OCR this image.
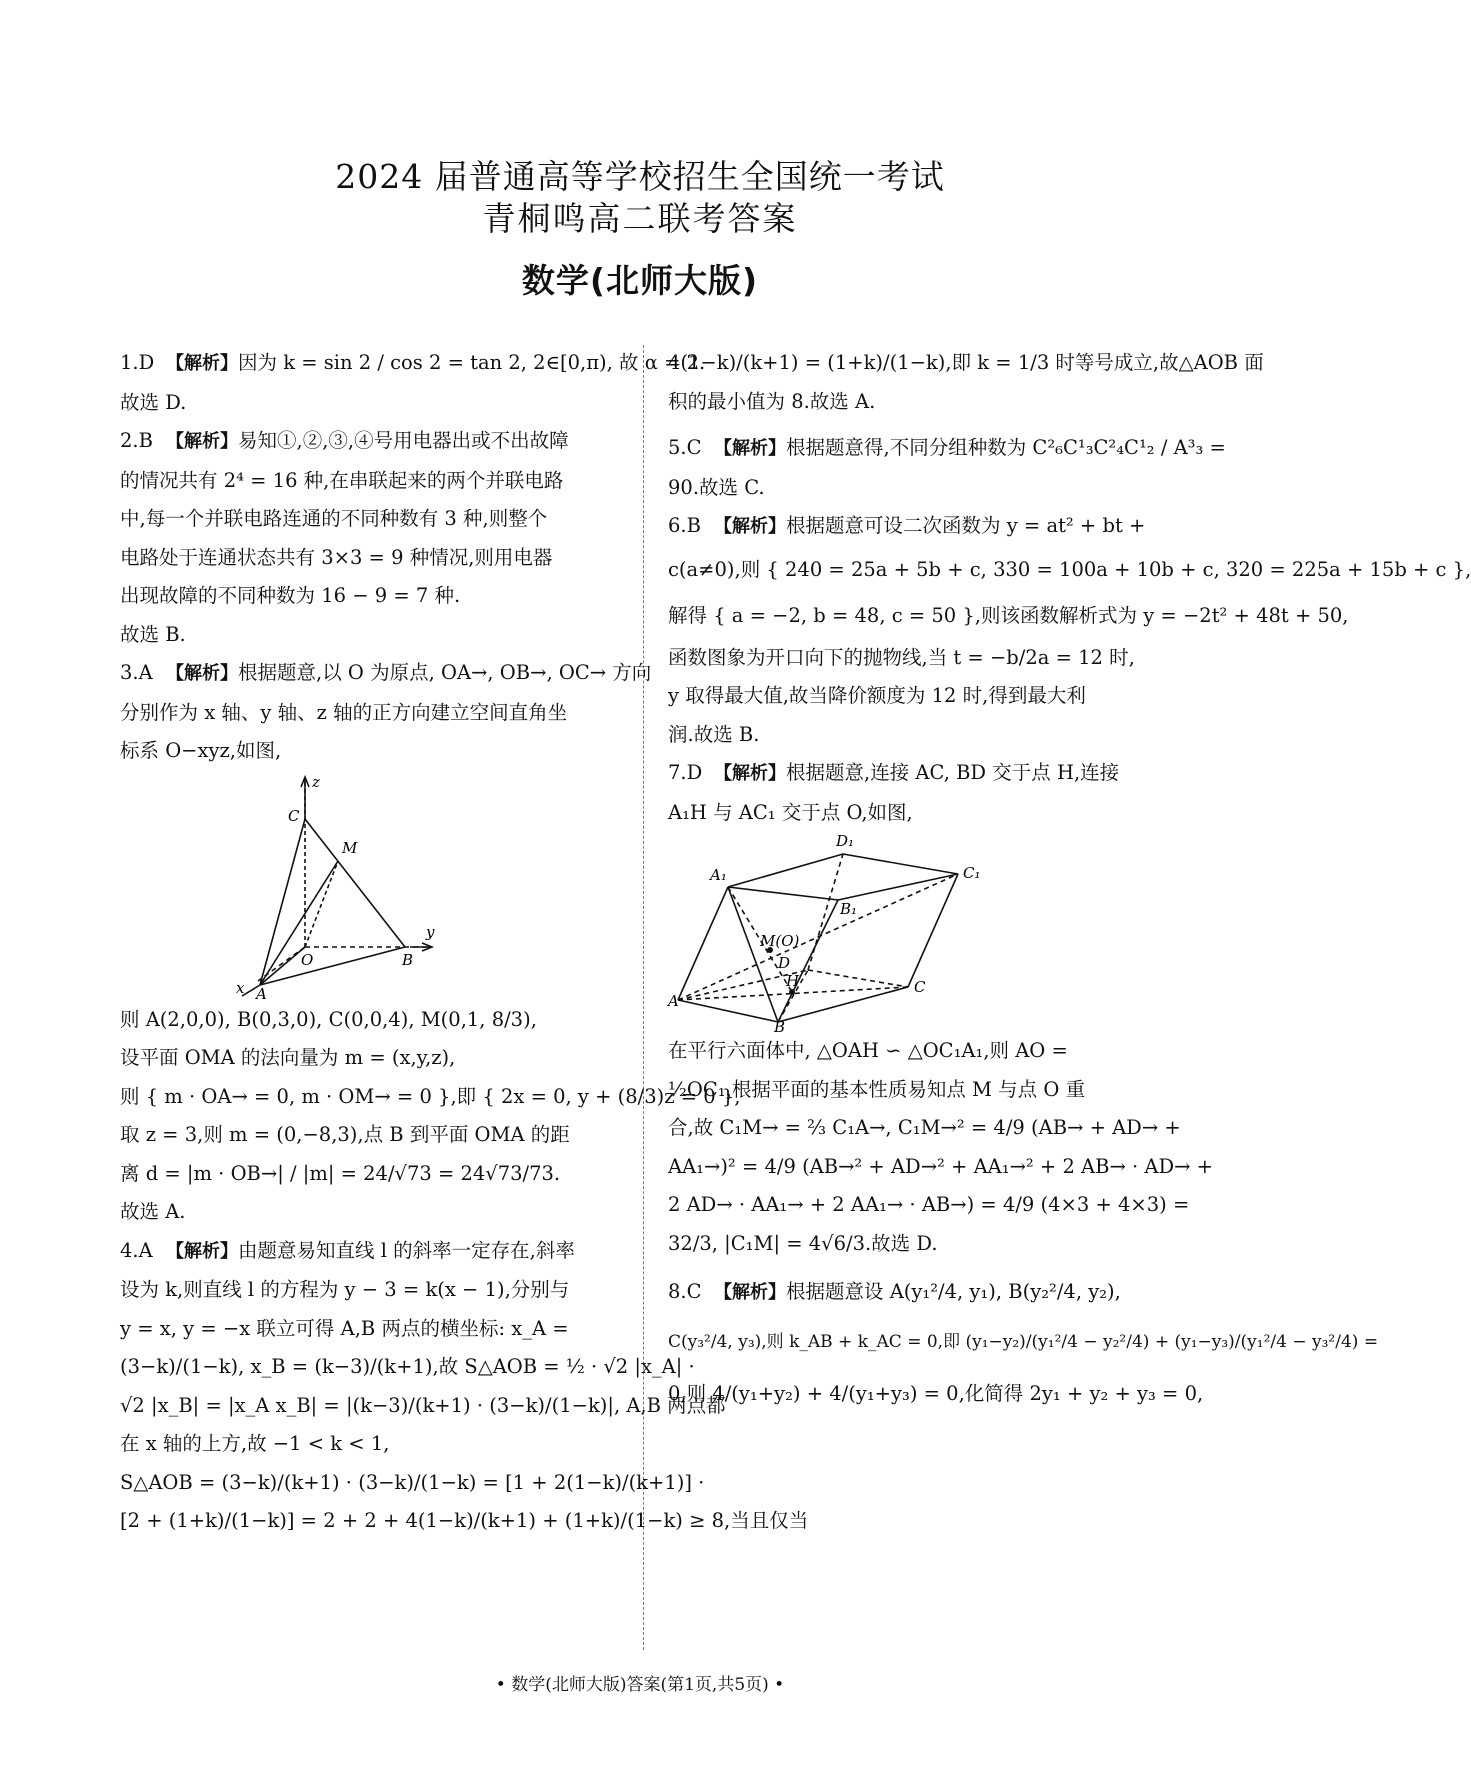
2024 届普通高等学校招生全国统一考试
青桐鸣高二联考答案
数学(北师大版)
1.D 【解析】因为 k = sin 2 / cos 2 = tan 2, 2∈[0,π), 故 α = 2.
故选 D.
2.B 【解析】易知①,②,③,④号用电器出或不出故障
的情况共有 2⁴ = 16 种,在串联起来的两个并联电路
中,每一个并联电路连通的不同种数有 3 种,则整个
电路处于连通状态共有 3×3 = 9 种情况,则用电器
出现故障的不同种数为 16 − 9 = 7 种.
故选 B.
3.A 【解析】根据题意,以 O 为原点, OA→, OB→, OC→ 方向
分别作为 x 轴、y 轴、z 轴的正方向建立空间直角坐
标系 O−xyz,如图,
z
C
M
y
O	B
x A
则 A(2,0,0), B(0,3,0), C(0,0,4), M(0,1, 8/3),
设平面 OMA 的法向量为 m = (x,y,z),
则 { m · OA→ = 0, m · OM→ = 0 },即 { 2x = 0, y + (8/3)z = 0 },
取 z = 3,则 m = (0,−8,3),点 B 到平面 OMA 的距
离 d = |m · OB→| / |m| = 24/√73 = 24√73/73.
故选 A.
4.A 【解析】由题意易知直线 l 的斜率一定存在,斜率
设为 k,则直线 l 的方程为 y − 3 = k(x − 1),分别与
y = x, y = −x 联立可得 A,B 两点的横坐标: x_A =
(3−k)/(1−k), x_B = (k−3)/(k+1),故 S△AOB = ½ · √2 |x_A| ·
√2 |x_B| = |x_A x_B| = |(k−3)/(k+1) · (3−k)/(1−k)|, A,B 两点都
在 x 轴的上方,故 −1 < k < 1,
S△AOB = (3−k)/(k+1) · (3−k)/(1−k) = [1 + 2(1−k)/(k+1)] ·
[2 + (1+k)/(1−k)] = 2 + 2 + 4(1−k)/(k+1) + (1+k)/(1−k) ≥ 8,当且仅当
4(1−k)/(k+1) = (1+k)/(1−k),即 k = 1/3 时等号成立,故△AOB 面
积的最小值为 8.故选 A.
5.C 【解析】根据题意得,不同分组种数为 C²₆C¹₃C²₄C¹₂ / A³₃ =
90.故选 C.
6.B 【解析】根据题意可设二次函数为 y = at² + bt +
c(a≠0),则 { 240 = 25a + 5b + c, 330 = 100a + 10b + c, 320 = 225a + 15b + c },
解得 { a = −2, b = 48, c = 50 },则该函数解析式为 y = −2t² + 48t + 50,
函数图象为开口向下的抛物线,当 t = −b/2a = 12 时,
y 取得最大值,故当降价额度为 12 时,得到最大利
润.故选 B.
7.D 【解析】根据题意,连接 AC, BD 交于点 H,连接
A₁H 与 AC₁ 交于点 O,如图,
D₁
A₁	C₁
B₁
M(O)
D
H
A
C
B
在平行六面体中, △OAH ∽ △OC₁A₁,则 AO =
½OC₁,根据平面的基本性质易知点 M 与点 O 重
合,故 C₁M→ = ⅔ C₁A→, C₁M→² = 4/9 (AB→ + AD→ +
AA₁→)² = 4/9 (AB→² + AD→² + AA₁→² + 2 AB→ · AD→ +
2 AD→ · AA₁→ + 2 AA₁→ · AB→) = 4/9 (4×3 + 4×3) =
32/3, |C₁M| = 4√6/3.故选 D.
8.C 【解析】根据题意设 A(y₁²/4, y₁), B(y₂²/4, y₂),
C(y₃²/4, y₃),则 k_AB + k_AC = 0,即 (y₁−y₂)/(y₁²/4 − y₂²/4) + (y₁−y₃)/(y₁²/4 − y₃²/4) =
0,则 4/(y₁+y₂) + 4/(y₁+y₃) = 0,化简得 2y₁ + y₂ + y₃ = 0,
• 数学(北师大版)答案(第1页,共5页) •
